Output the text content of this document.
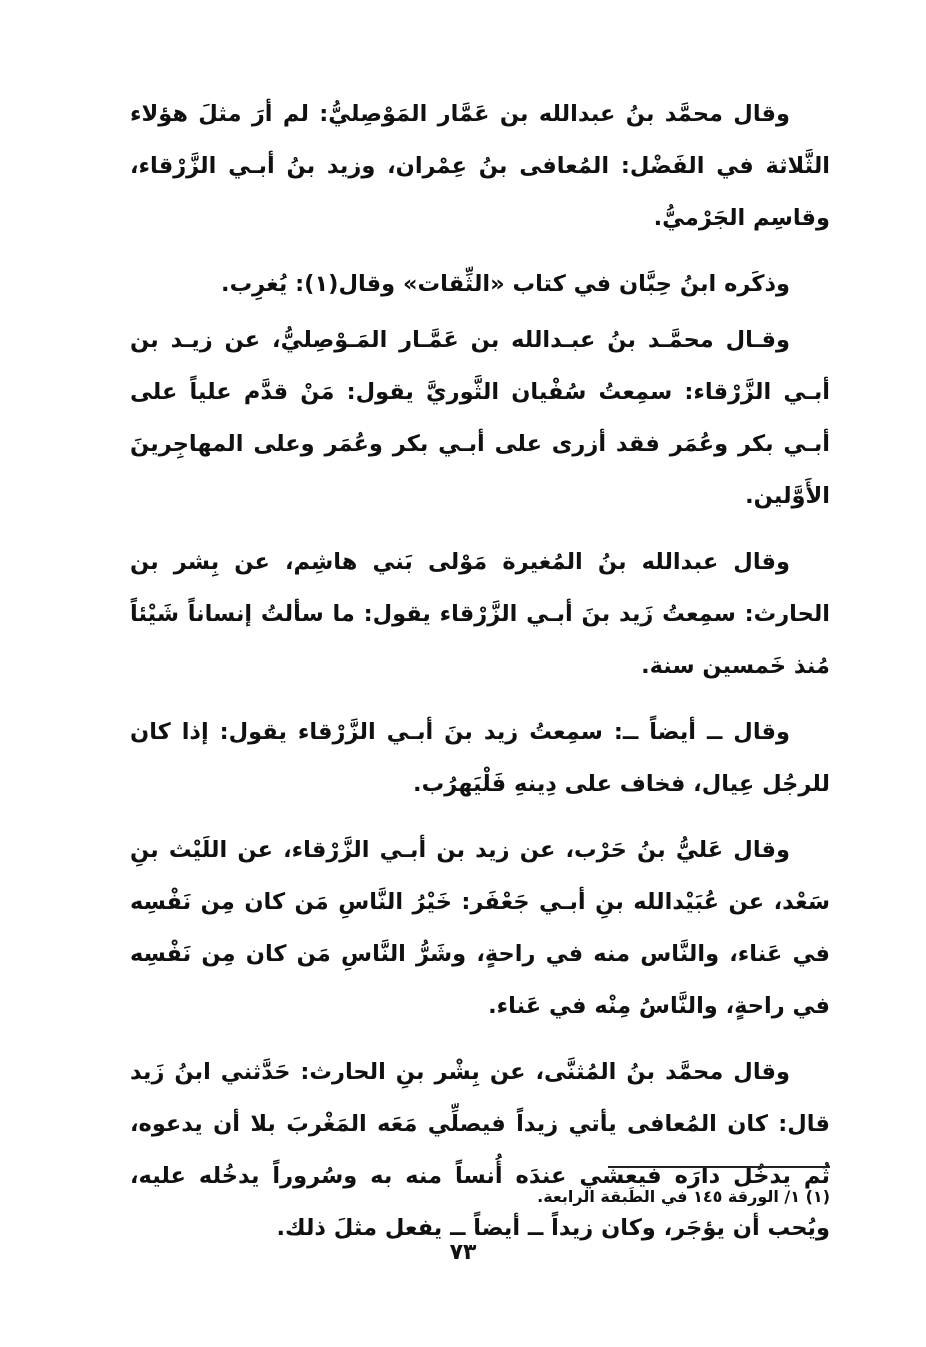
وقال محمَّد بنُ عبدالله بن عَمَّار المَوْصِليُّ: لم أرَ مثلَ هؤلاء الثَّلاثة في الفَضْل: المُعافى بنُ عِمْران، وزيد بنُ أبـي الزَّرْقاء، وقاسِم الجَرْميُّ.

وذكَره ابنُ حِبَّان في كتاب «الثِّقات» وقال(١): يُغرِب.

وقـال محمَّـد بنُ عبـدالله بن عَمَّـار المَـوْصِليُّ، عن زيـد بن أبـي الزَّرْقاء: سمِعتُ سُفْيان الثَّوريَّ يقول: مَنْ قدَّم علياً على أبـي بكر وعُمَر فقد أزرى على أبـي بكر وعُمَر وعلى المهاجِرينَ الأَوَّلين.

وقال عبدالله بنُ المُغيرة مَوْلى بَني هاشِم، عن بِشر بن الحارث: سمِعتُ زَيد بنَ أبـي الزَّرْقاء يقول: ما سألتُ إنساناً شَيْئاً مُنذ خَمسين سنة.

وقال ــ أيضاً ــ: سمِعتُ زيد بنَ أبـي الزَّرْقاء يقول: إذا كان للرجُل عِيال، فخاف على دِينهِ فَلْيَهرُب.

وقال عَليُّ بنُ حَرْب، عن زيد بن أبـي الزَّرْقاء، عن اللَيْث بنِ سَعْد، عن عُبَيْدالله بنِ أبـي جَعْفَر: خَيْرُ النَّاسِ مَن كان مِن نَفْسِه في عَناء، والنَّاس منه في راحةٍ، وشَرُّ النَّاسِ مَن كان مِن نَفْسِه في راحةٍ، والنَّاسُ مِنْه في عَناء.

وقال محمَّد بنُ المُثنَّى، عن بِشْر بنِ الحارث: حَدَّثني ابنُ زَيد قال: كان المُعافى يأتي زيداً فيصلِّي مَعَه المَغْربَ بلا أن يدعوه، ثُم يدخُل دارَه فيعشي عندَه أُنساً منه به وسُروراً يدخُله عليه، ويُحب أن يؤجَر، وكان زيداً ــ أيضاً ــ يفعل مثلَ ذلك.

(١) ١/ الورقة ١٤٥ في الطَبقة الرابعة.
٧٣
